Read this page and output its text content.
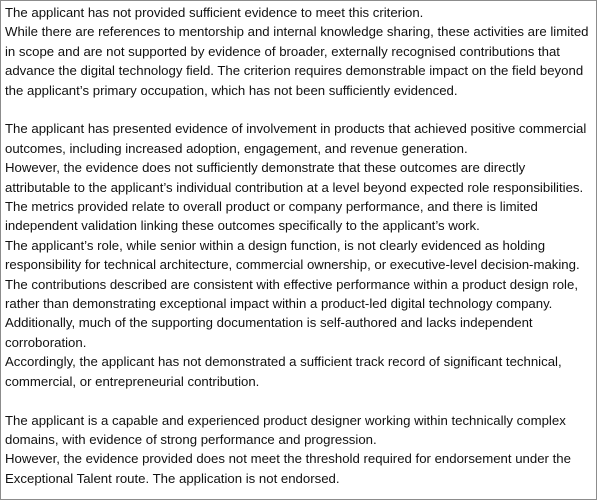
The applicant has not provided sufficient evidence to meet this criterion.
While there are references to mentorship and internal knowledge sharing, these activities are limited
in scope and are not supported by evidence of broader, externally recognised contributions that
advance the digital technology field. The criterion requires demonstrable impact on the field beyond
the applicant’s primary occupation, which has not been sufficiently evidenced.

The applicant has presented evidence of involvement in products that achieved positive commercial
outcomes, including increased adoption, engagement, and revenue generation.
However, the evidence does not sufficiently demonstrate that these outcomes are directly
attributable to the applicant’s individual contribution at a level beyond expected role responsibilities.
The metrics provided relate to overall product or company performance, and there is limited
independent validation linking these outcomes specifically to the applicant’s work.
The applicant’s role, while senior within a design function, is not clearly evidenced as holding
responsibility for technical architecture, commercial ownership, or executive-level decision-making.
The contributions described are consistent with effective performance within a product design role,
rather than demonstrating exceptional impact within a product-led digital technology company.
Additionally, much of the supporting documentation is self-authored and lacks independent
corroboration.
Accordingly, the applicant has not demonstrated a sufficient track record of significant technical,
commercial, or entrepreneurial contribution.

The applicant is a capable and experienced product designer working within technically complex
domains, with evidence of strong performance and progression.
However, the evidence provided does not meet the threshold required for endorsement under the
Exceptional Talent route. The application is not endorsed.
